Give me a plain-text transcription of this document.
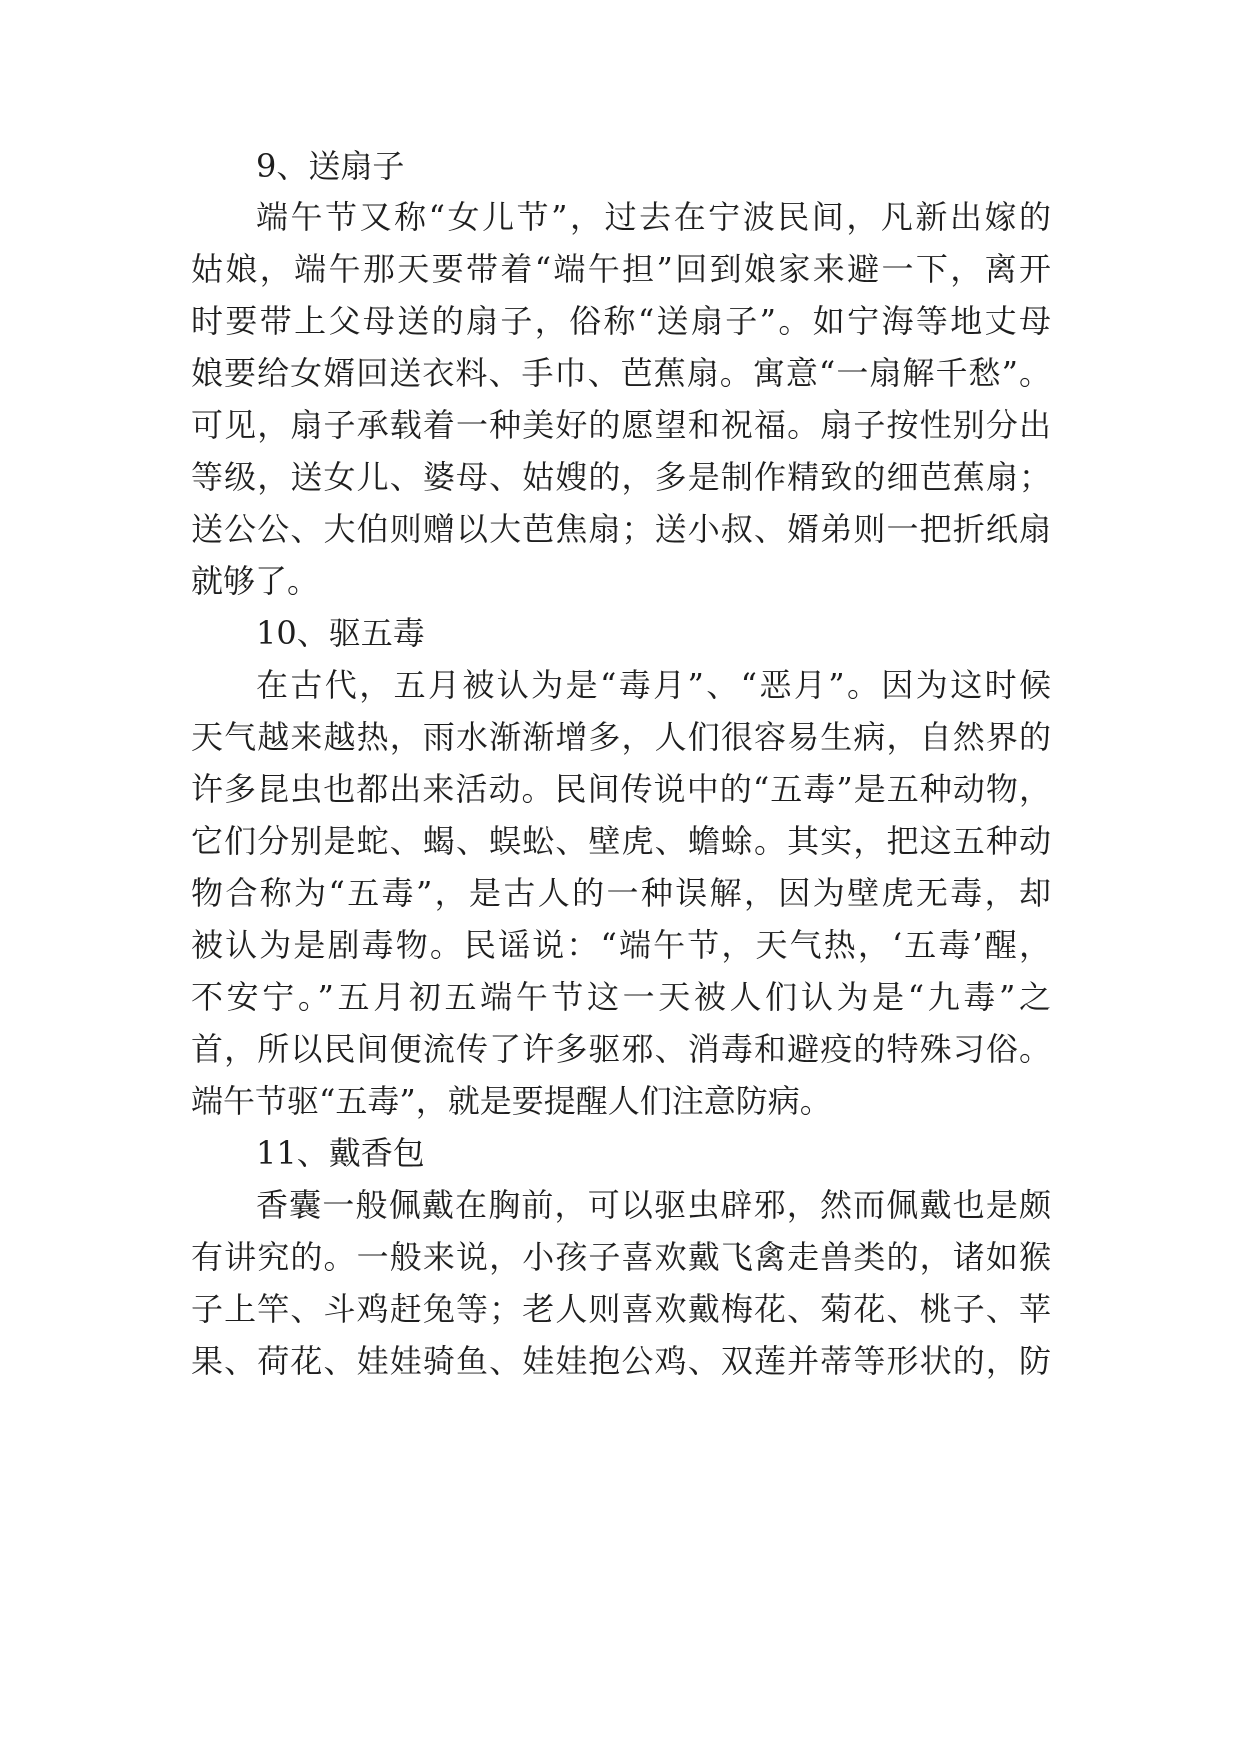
9、送扇子

端午节又称“女儿节”，过去在宁波民间，凡新出嫁的

姑娘，端午那天要带着“端午担”回到娘家来避一下，离开

时要带上父母送的扇子，俗称“送扇子”。如宁海等地丈母

娘要给女婿回送衣料、手巾、芭蕉扇。寓意“一扇解千愁”。

可见，扇子承载着一种美好的愿望和祝福。扇子按性别分出

等级，送女儿、婆母、姑嫂的，多是制作精致的细芭蕉扇；

送公公、大伯则赠以大芭焦扇；送小叔、婿弟则一把折纸扇

就够了。

10、驱五毒

在古代，五月被认为是“毒月”、“恶月”。因为这时候

天气越来越热，雨水渐渐增多，人们很容易生病，自然界的

许多昆虫也都出来活动。民间传说中的“五毒”是五种动物，

它们分别是蛇、蝎、蜈蚣、壁虎、蟾蜍。其实，把这五种动

物合称为“五毒”，是古人的一种误解，因为壁虎无毒，却

被认为是剧毒物。民谣说：“端午节，天气热，‘五毒’醒，

不安宁。”五月初五端午节这一天被人们认为是“九毒”之

首，所以民间便流传了许多驱邪、消毒和避疫的特殊习俗。

端午节驱“五毒”，就是要提醒人们注意防病。

11、戴香包

香囊一般佩戴在胸前，可以驱虫辟邪，然而佩戴也是颇

有讲究的。一般来说，小孩子喜欢戴飞禽走兽类的，诸如猴

子上竿、斗鸡赶兔等；老人则喜欢戴梅花、菊花、桃子、苹

果、荷花、娃娃骑鱼、娃娃抱公鸡、双莲并蒂等形状的，防
